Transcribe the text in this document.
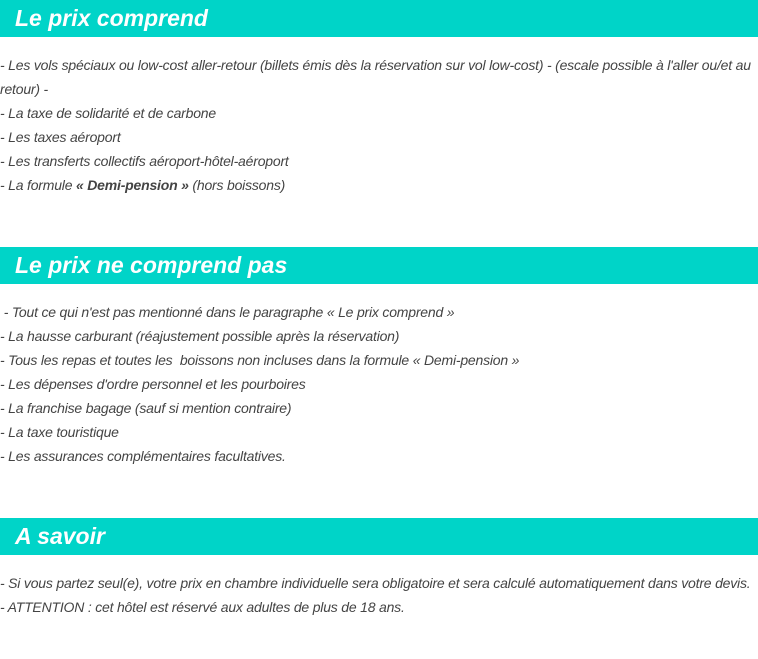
Le prix comprend
- Les vols spéciaux ou low-cost aller-retour (billets émis dès la réservation sur vol low-cost) - (escale possible à l'aller ou/et au retour) -
- La taxe de solidarité et de carbone
- Les taxes aéroport
- Les transferts collectifs aéroport-hôtel-aéroport
- La formule « Demi-pension » (hors boissons)
Le prix ne comprend pas
- Tout ce qui n'est pas mentionné dans le paragraphe « Le prix comprend »
- La hausse carburant (réajustement possible après la réservation)
- Tous les repas et toutes les  boissons non incluses dans la formule « Demi-pension »
- Les dépenses d'ordre personnel et les pourboires
- La franchise bagage (sauf si mention contraire)
- La taxe touristique
- Les assurances complémentaires facultatives.
A savoir
- Si vous partez seul(e), votre prix en chambre individuelle sera obligatoire et sera calculé automatiquement dans votre devis.
- ATTENTION : cet hôtel est réservé aux adultes de plus de 18 ans.
